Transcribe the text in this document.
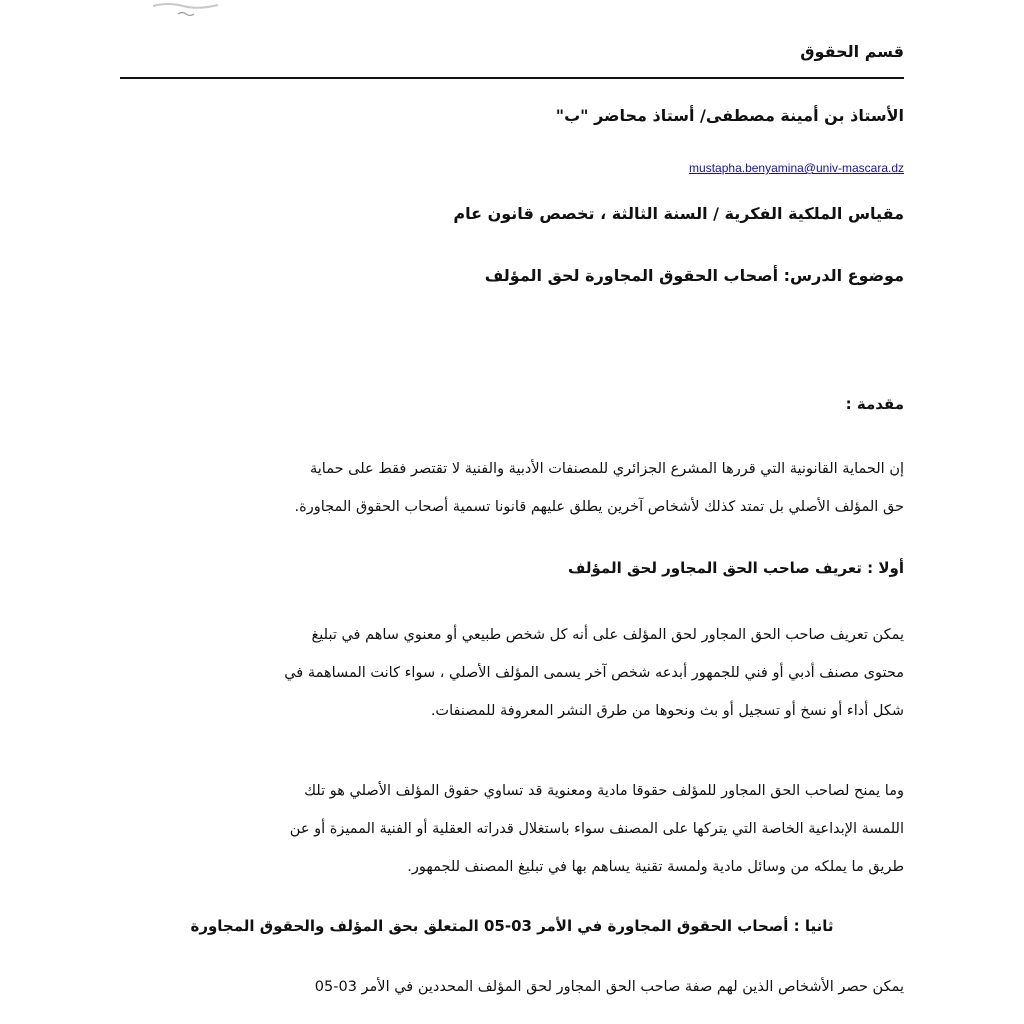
قسم الحقوق
الأستاذ بن أمينة مصطفى/ أستاذ محاضر "ب"
mustapha.benyamina@univ-mascara.dz
مقياس الملكية الفكرية / السنة الثالثة ، تخصص قانون عام
موضوع الدرس: أصحاب الحقوق المجاورة لحق المؤلف
مقدمة :

إن الحماية القانونية التي قررها المشرع الجزائري للمصنفات الأدبية والفنية لا تقتصر فقط على حماية

حق المؤلف الأصلي بل تمتد كذلك لأشخاص آخرين يطلق عليهم قانونا تسمية أصحاب الحقوق المجاورة.

أولا : تعريف صاحب الحق المجاور لحق المؤلف

يمكن تعريف صاحب الحق المجاور لحق المؤلف على أنه كل شخص طبيعي أو معنوي ساهم في تبليغ

محتوى مصنف أدبي أو فني للجمهور أبدعه شخص آخر يسمى المؤلف الأصلي ، سواء كانت المساهمة في

شكل أداء أو نسخ أو تسجيل أو بث ونحوها من طرق النشر المعروفة للمصنفات.

وما يمنح لصاحب الحق المجاور للمؤلف حقوقا مادية ومعنوية قد تساوي حقوق المؤلف الأصلي هو تلك

اللمسة الإبداعية الخاصة التي يتركها على المصنف سواء باستغلال قدراته العقلية أو الفنية المميزة أو عن

طريق ما يملكه من وسائل مادية ولمسة تقنية يساهم بها في تبليغ المصنف للجمهور.

ثانيا : أصحاب الحقوق المجاورة في الأمر 03-05 المتعلق بحق المؤلف والحقوق المجاورة

يمكن حصر الأشخاص الذين لهم صفة صاحب الحق المجاور لحق المؤلف المحددين في الأمر 03-05
